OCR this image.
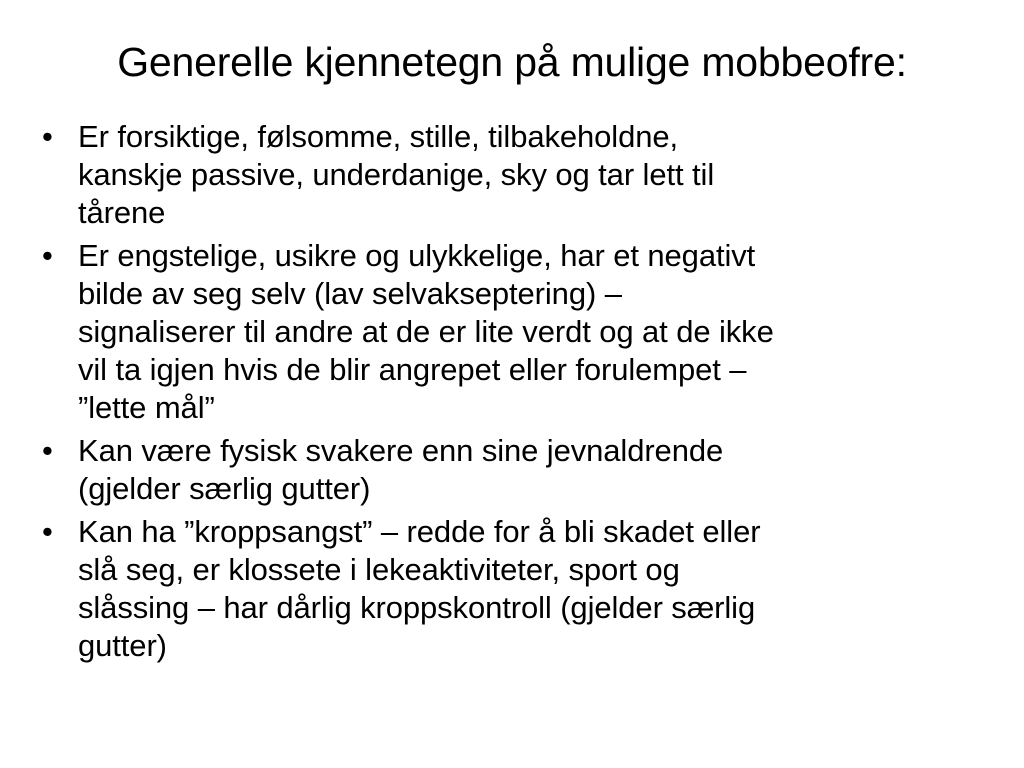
Generelle kjennetegn på mulige mobbeofre:
• Er forsiktige, følsomme, stille, tilbakeholdne,
kanskje passive, underdanige, sky og tar lett til
tårene
• Er engstelige, usikre og ulykkelige, har et negativt
bilde av seg selv (lav selvakseptering) –
signaliserer til andre at de er lite verdt og at de ikke
vil ta igjen hvis de blir angrepet eller forulempet –
”lette mål”
• Kan være fysisk svakere enn sine jevnaldrende
(gjelder særlig gutter)
• Kan ha ”kroppsangst” – redde for å bli skadet eller
slå seg, er klossete i lekeaktiviteter, sport og
slåssing – har dårlig kroppskontroll (gjelder særlig
gutter)
